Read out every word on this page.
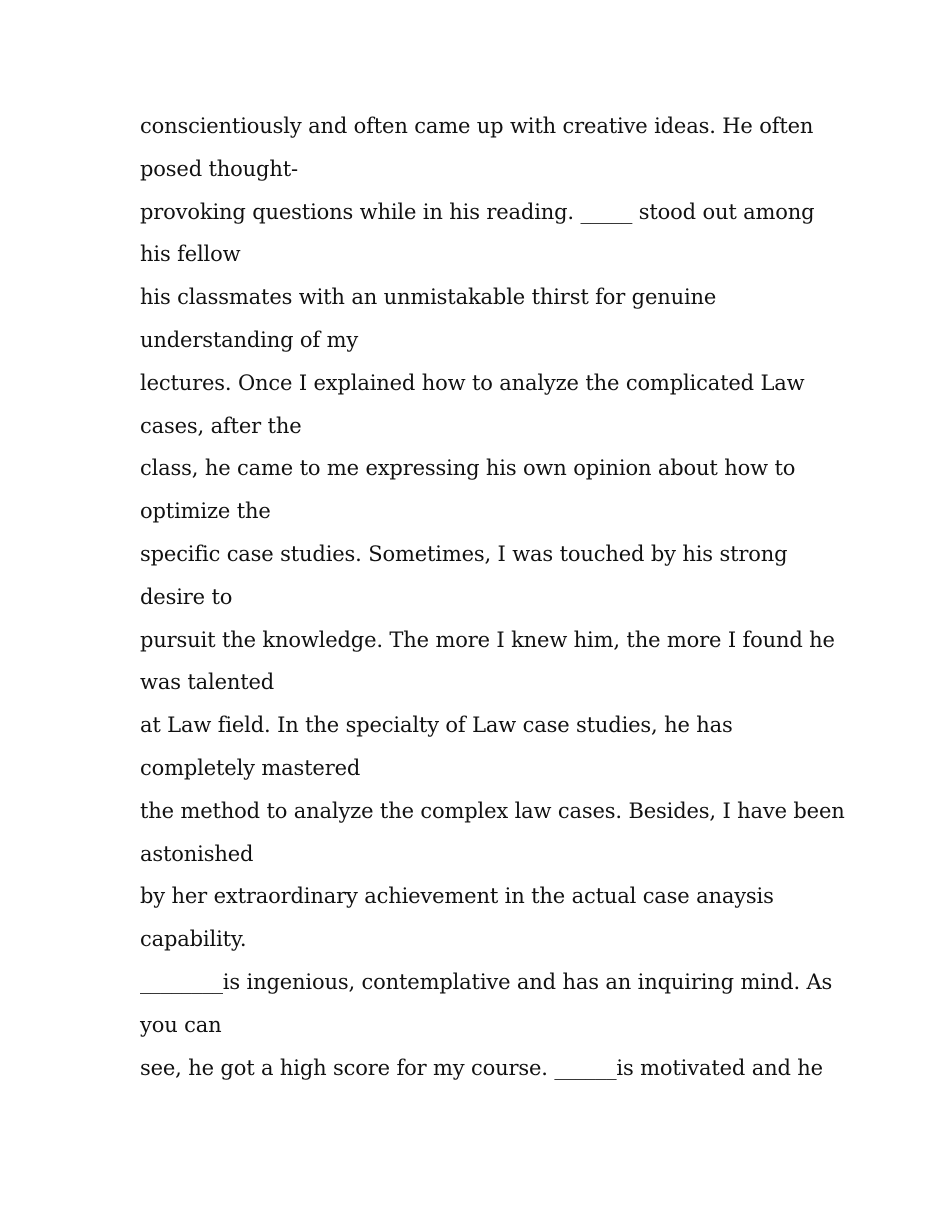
conscientiously and often came up with creative ideas. He often
posed thought-
provoking questions while in his reading. _____ stood out among
his fellow
his classmates with an unmistakable thirst for genuine
understanding of my
lectures. Once I explained how to analyze the complicated Law
cases, after the
class, he came to me expressing his own opinion about how to
optimize the
specific case studies. Sometimes, I was touched by his strong
desire to
pursuit the knowledge. The more I knew him, the more I found he
was talented
at Law field. In the specialty of Law case studies, he has
completely mastered
the method to analyze the complex law cases. Besides, I have been
astonished
by her extraordinary achievement in the actual case anaysis
capability.
________is ingenious, contemplative and has an inquiring mind. As
you can
see, he got a high score for my course. ______is motivated and he
